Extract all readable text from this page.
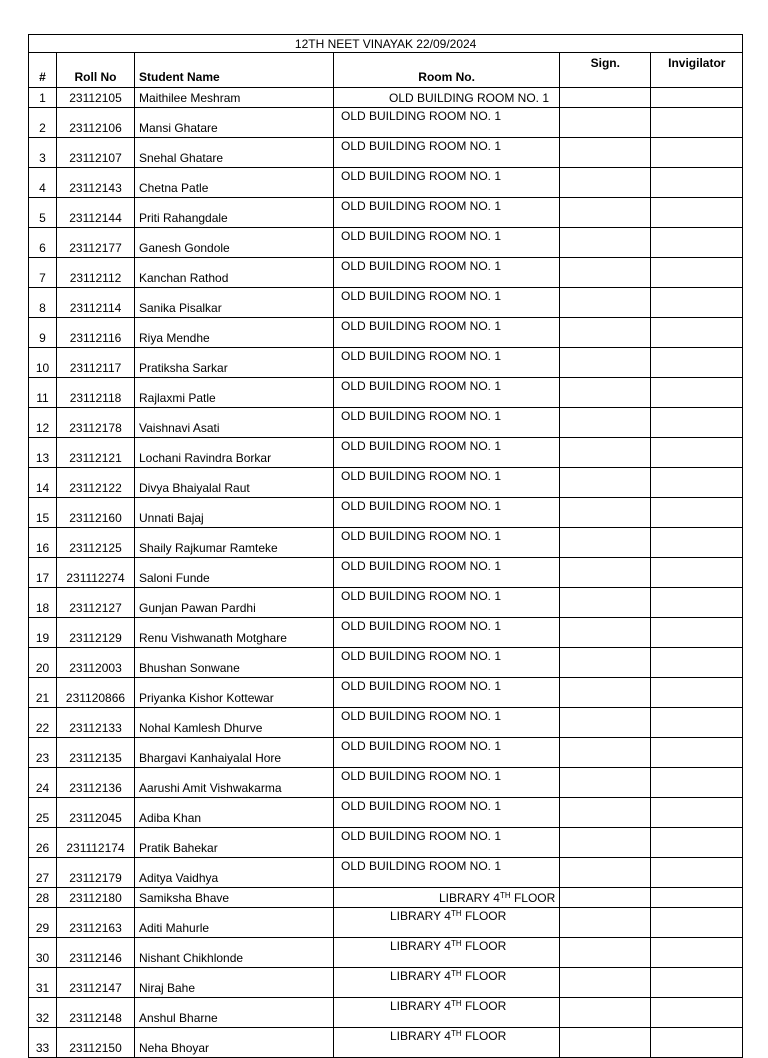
12TH NEET VINAYAK 22/09/2024					
#	Roll No	Student Name	Room No.	Sign.	Invigilator
1	23112105	Maithilee Meshram	OLD BUILDING ROOM NO. 1		
2	23112106	Mansi Ghatare	OLD BUILDING ROOM NO. 1		
3	23112107	Snehal Ghatare	OLD BUILDING ROOM NO. 1		
4	23112143	Chetna Patle	OLD BUILDING ROOM NO. 1		
5	23112144	Priti Rahangdale	OLD BUILDING ROOM NO. 1		
6	23112177	Ganesh Gondole	OLD BUILDING ROOM NO. 1		
7	23112112	Kanchan Rathod	OLD BUILDING ROOM NO. 1		
8	23112114	Sanika Pisalkar	OLD BUILDING ROOM NO. 1		
9	23112116	Riya Mendhe	OLD BUILDING ROOM NO. 1		
10	23112117	Pratiksha Sarkar	OLD BUILDING ROOM NO. 1		
11	23112118	Rajlaxmi Patle	OLD BUILDING ROOM NO. 1		
12	23112178	Vaishnavi Asati	OLD BUILDING ROOM NO. 1		
13	23112121	Lochani Ravindra Borkar	OLD BUILDING ROOM NO. 1		
14	23112122	Divya Bhaiyalal Raut	OLD BUILDING ROOM NO. 1		
15	23112160	Unnati Bajaj	OLD BUILDING ROOM NO. 1		
16	23112125	Shaily Rajkumar Ramteke	OLD BUILDING ROOM NO. 1		
17	231112274	Saloni Funde	OLD BUILDING ROOM NO. 1		
18	23112127	Gunjan Pawan Pardhi	OLD BUILDING ROOM NO. 1		
19	23112129	Renu Vishwanath Motghare	OLD BUILDING ROOM NO. 1		
20	23112003	Bhushan Sonwane	OLD BUILDING ROOM NO. 1		
21	231120866	Priyanka Kishor Kottewar	OLD BUILDING ROOM NO. 1		
22	23112133	Nohal Kamlesh Dhurve	OLD BUILDING ROOM NO. 1		
23	23112135	Bhargavi Kanhaiyalal Hore	OLD BUILDING ROOM NO. 1		
24	23112136	Aarushi Amit Vishwakarma	OLD BUILDING ROOM NO. 1		
25	23112045	Adiba Khan	OLD BUILDING ROOM NO. 1		
26	231112174	Pratik Bahekar	OLD BUILDING ROOM NO. 1		
27	23112179	Aditya Vaidhya	OLD BUILDING ROOM NO. 1		
28	23112180	Samiksha Bhave	LIBRARY 4TH FLOOR		
29	23112163	Aditi Mahurle	LIBRARY 4TH FLOOR		
30	23112146	Nishant Chikhlonde	LIBRARY 4TH FLOOR		
31	23112147	Niraj Bahe	LIBRARY 4TH FLOOR		
32	23112148	Anshul Bharne	LIBRARY 4TH FLOOR		
33	23112150	Neha Bhoyar	LIBRARY 4TH FLOOR		
